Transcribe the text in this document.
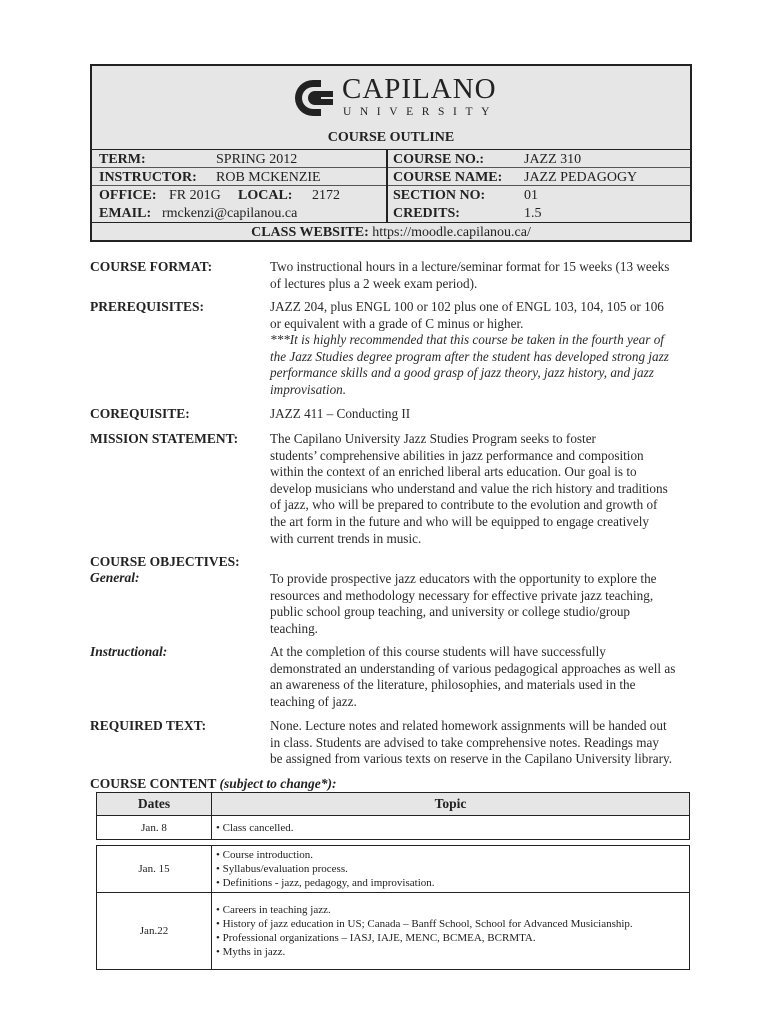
CAPILANO
UNIVERSITY
COURSE OUTLINE
TERM:	SPRING 2012	COURSE NO.:	JAZZ 310
INSTRUCTOR: ROB MCKENZIE	COURSE NAME: JAZZ PEDAGOGY
OFFICE: FR 201G LOCAL: 2172	SECTION NO:	01
EMAIL: rmckenzi@capilanou.ca	CREDITS:	1.5
CLASS WEBSITE: https://moodle.capilanou.ca/
COURSE FORMAT:	Two instructional hours in a lecture/seminar format for 15 weeks (13 weeks
of lectures plus a 2 week exam period).
PREREQUISITES:	JAZZ 204, plus ENGL 100 or 102 plus one of ENGL 103, 104, 105 or 106
or equivalent with a grade of C minus or higher.
***It is highly recommended that this course be taken in the fourth year of
the Jazz Studies degree program after the student has developed strong jazz
performance skills and a good grasp of jazz theory, jazz history, and jazz
improvisation.
COREQUISITE:	JAZZ 411 – Conducting II
MISSION STATEMENT: The Capilano University Jazz Studies Program seeks to foster
students’ comprehensive abilities in jazz performance and composition
within the context of an enriched liberal arts education. Our goal is to
develop musicians who understand and value the rich history and traditions
of jazz, who will be prepared to contribute to the evolution and growth of
the art form in the future and who will be equipped to engage creatively
with current trends in music.
COURSE OBJECTIVES:
General:	To provide prospective jazz educators with the opportunity to explore the
resources and methodology necessary for effective private jazz teaching,
public school group teaching, and university or college studio/group
teaching.
Instructional:	At the completion of this course students will have successfully
demonstrated an understanding of various pedagogical approaches as well as
an awareness of the literature, philosophies, and materials used in the
teaching of jazz.
REQUIRED TEXT:	None. Lecture notes and related homework assignments will be handed out
in class. Students are advised to take comprehensive notes. Readings may
be assigned from various texts on reserve in the Capilano University library.
COURSE CONTENT (subject to change*):
Dates	Topic
Jan. 8	• Class cancelled.

Jan. 15	• Course introduction.
• Syllabus/evaluation process.
• Definitions - jazz, pedagogy, and improvisation.

Jan.22	• Careers in teaching jazz.
• History of jazz education in US; Canada – Banff School, School for Advanced Musicianship.
• Professional organizations – IASJ, IAJE, MENC, BCMEA, BCRMTA.
• Myths in jazz.
